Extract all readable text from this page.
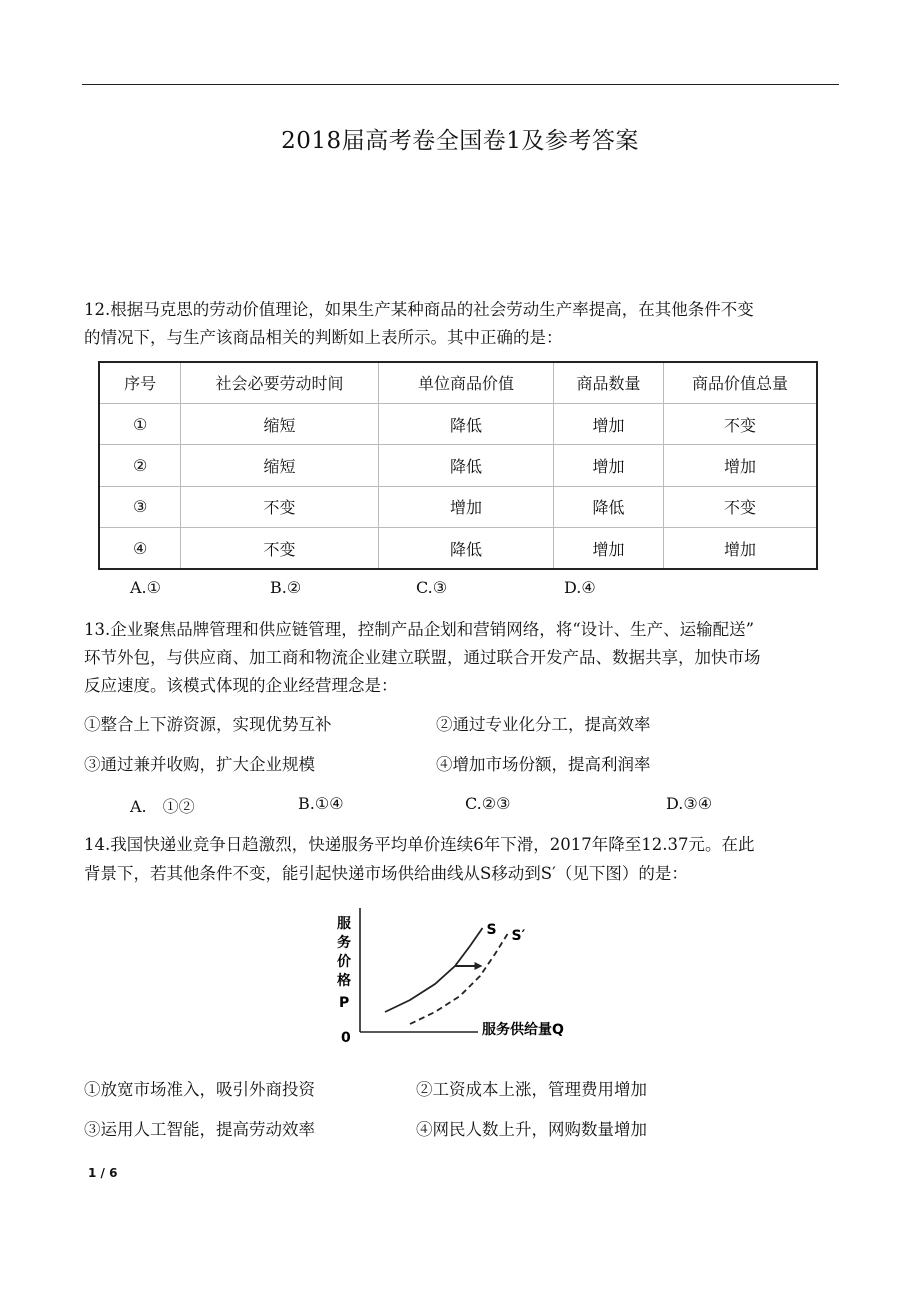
2018届高考卷全国卷1及参考答案
12.根据马克思的劳动价值理论，如果生产某种商品的社会劳动生产率提高，在其他条件不变
的情况下，与生产该商品相关的判断如上表所示。其中正确的是：
序号	社会必要劳动时间	单位商品价值	商品数量	商品价值总量
①	缩短	降低	增加	不变
②	缩短	降低	增加	增加
③	不变	增加	降低	不变
④	不变	降低	增加	增加
A.①	B.②	C.③	D.④
13.企业聚焦品牌管理和供应链管理，控制产品企划和营销网络，将“设计、生产、运输配送”
环节外包，与供应商、加工商和物流企业建立联盟，通过联合开发产品、数据共享，加快市场
反应速度。该模式体现的企业经营理念是：
①整合上下游资源，实现优势互补	②通过专业化分工，提高效率
③通过兼并收购，扩大企业规模	④增加市场份额，提高利润率
A.　①②	B.①④	C.②③	D.③④
14.我国快递业竞争日趋激烈，快递服务平均单价连续6年下滑，2017年降至12.37元。在此
背景下，若其他条件不变，能引起快递市场供给曲线从S移动到S′（见下图）的是：
服
务
价
格
P
0	服务供给量Q
S S′
①放宽市场准入，吸引外商投资	②工资成本上涨，管理费用增加
③运用人工智能，提高劳动效率	④网民人数上升，网购数量增加
1 / 6
